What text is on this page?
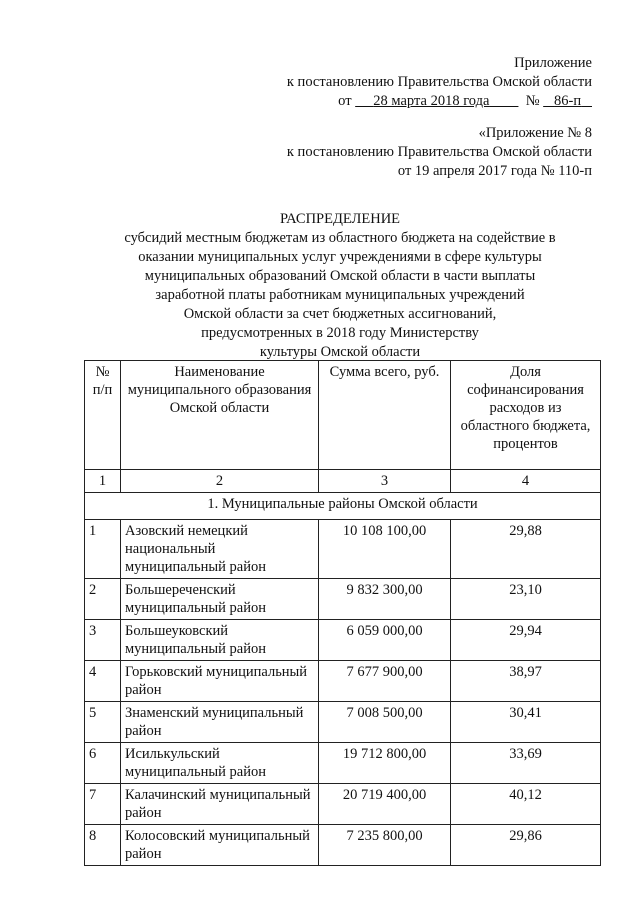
Приложение
к постановлению Правительства Омской области
от 28 марта 2018 года	№ 86-п
«Приложение № 8
к постановлению Правительства Омской области
от 19 апреля 2017 года № 110-п
РАСПРЕДЕЛЕНИЕ
субсидий местным бюджетам из областного бюджета на содействие в
оказании муниципальных услуг учреждениями в сфере культуры
муниципальных образований Омской области в части выплаты
заработной платы работникам муниципальных учреждений
Омской области за счет бюджетных ассигнований,
предусмотренных в 2018 году Министерству
культуры Омской области
№ п/п	Наименование муниципального образования Омской области	Сумма всего, руб.	Доля софинансирования расходов из областного бюджета, процентов
1	2	3	4
1. Муниципальные районы Омской области			
1	Азовский немецкий национальный муниципальный район	10 108 100,00	29,88
2	Большереченский муниципальный район	9 832 300,00	23,10
3	Большеуковский муниципальный район	6 059 000,00	29,94
4	Горьковский муниципальный район	7 677 900,00	38,97
5	Знаменский муниципальный район	7 008 500,00	30,41
6	Исилькульский муниципальный район	19 712 800,00	33,69
7	Калачинский муниципальный район	20 719 400,00	40,12
8	Колосовский муниципальный район	7 235 800,00	29,86
